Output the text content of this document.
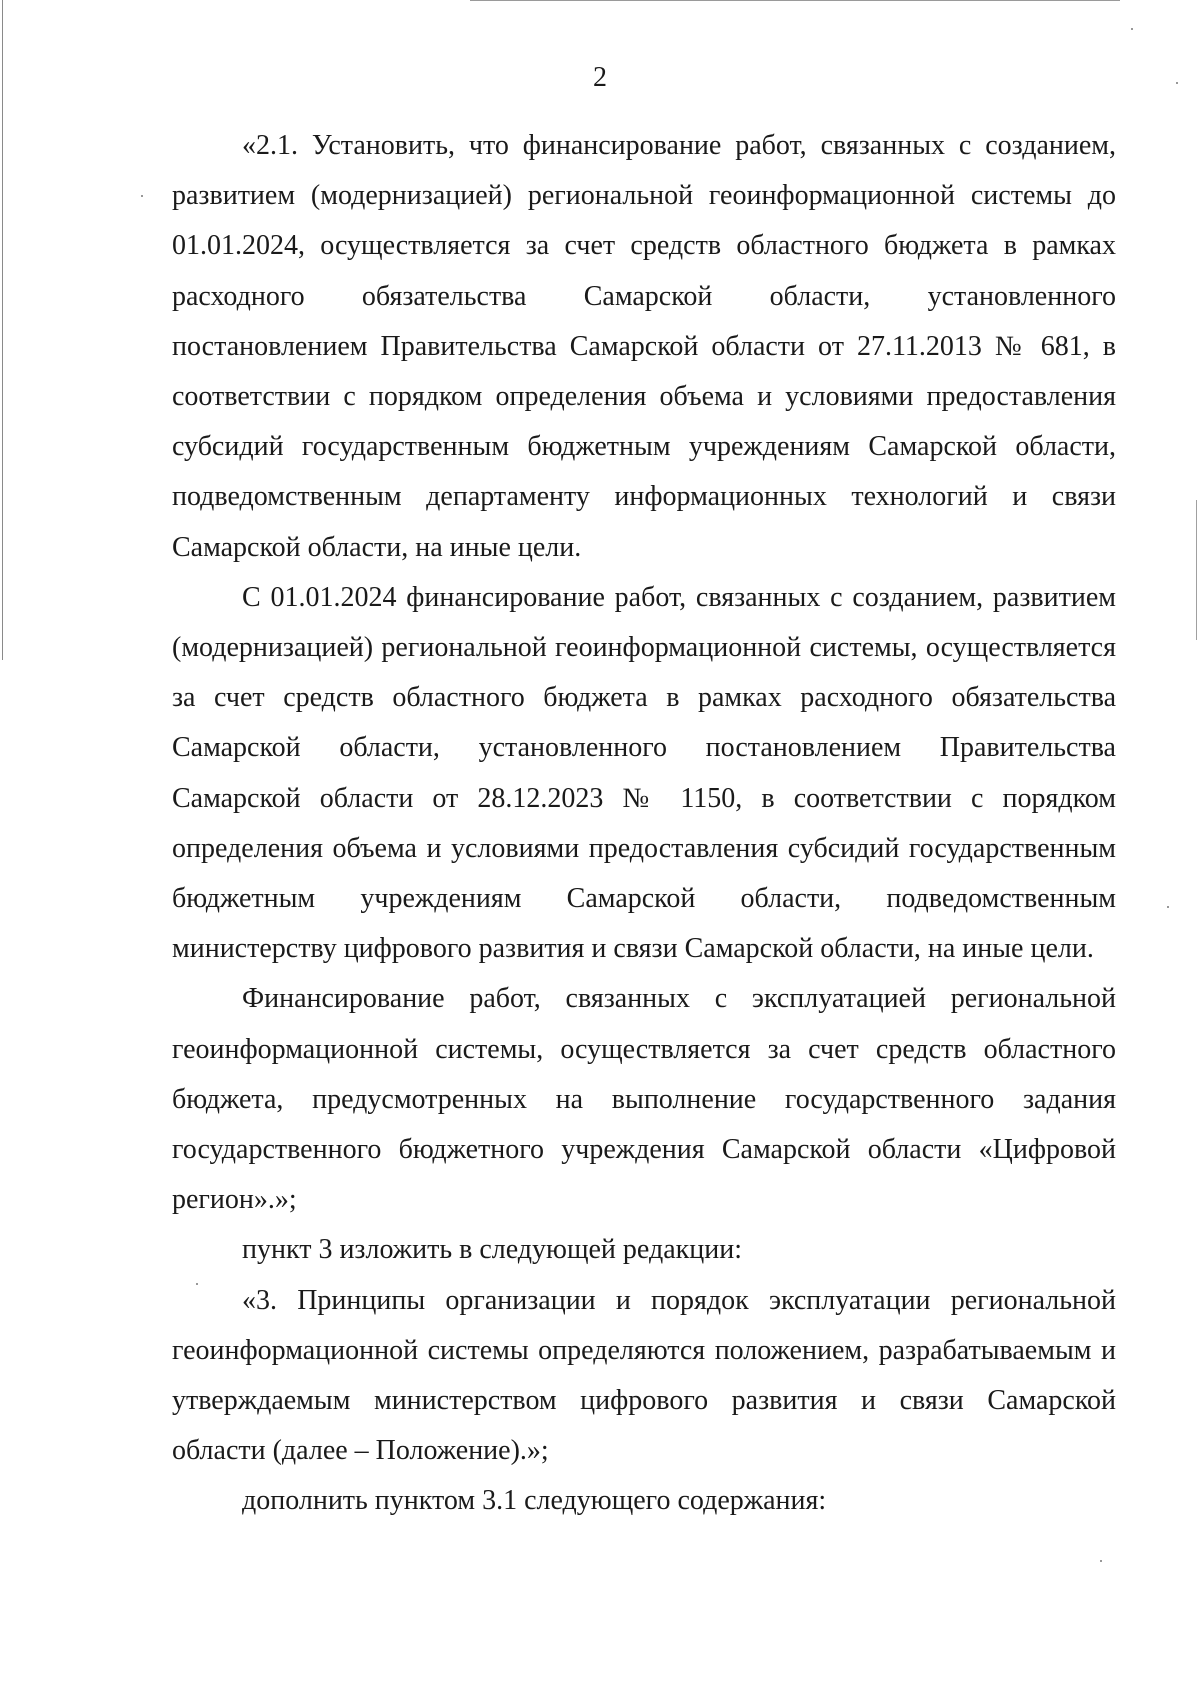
2

«2.1. Установить, что финансирование работ, связанных с созданием, развитием (модернизацией) региональной геоинформационной системы до 01.01.2024, осуществляется за счет средств областного бюджета в рамках расходного обязательства Самарской области, установленного постановлением Правительства Самарской области от 27.11.2013 № 681, в соответствии с порядком определения объема и условиями предоставления субсидий государственным бюджетным учреждениям Самарской области, подведомственным департаменту информационных технологий и связи Самарской области, на иные цели.

С 01.01.2024 финансирование работ, связанных с созданием, развитием (модернизацией) региональной геоинформационной системы, осуществляется за счет средств областного бюджета в рамках расходного обязательства Самарской области, установленного постановлением Правительства Самарской области от 28.12.2023 № 1150, в соответствии с порядком определения объема и условиями предоставления субсидий государственным бюджетным учреждениям Самарской области, подведомственным министерству цифрового развития и связи Самарской области, на иные цели.

Финансирование работ, связанных с эксплуатацией региональной геоинформационной системы, осуществляется за счет средств областного бюджета, предусмотренных на выполнение государственного задания государственного бюджетного учреждения Самарской области «Цифровой регион».»;

пункт 3 изложить в следующей редакции:

«3. Принципы организации и порядок эксплуатации региональной геоинформационной системы определяются положением, разрабатываемым и утверждаемым министерством цифрового развития и связи Самарской области (далее – Положение).»;

дополнить пунктом 3.1 следующего содержания:
